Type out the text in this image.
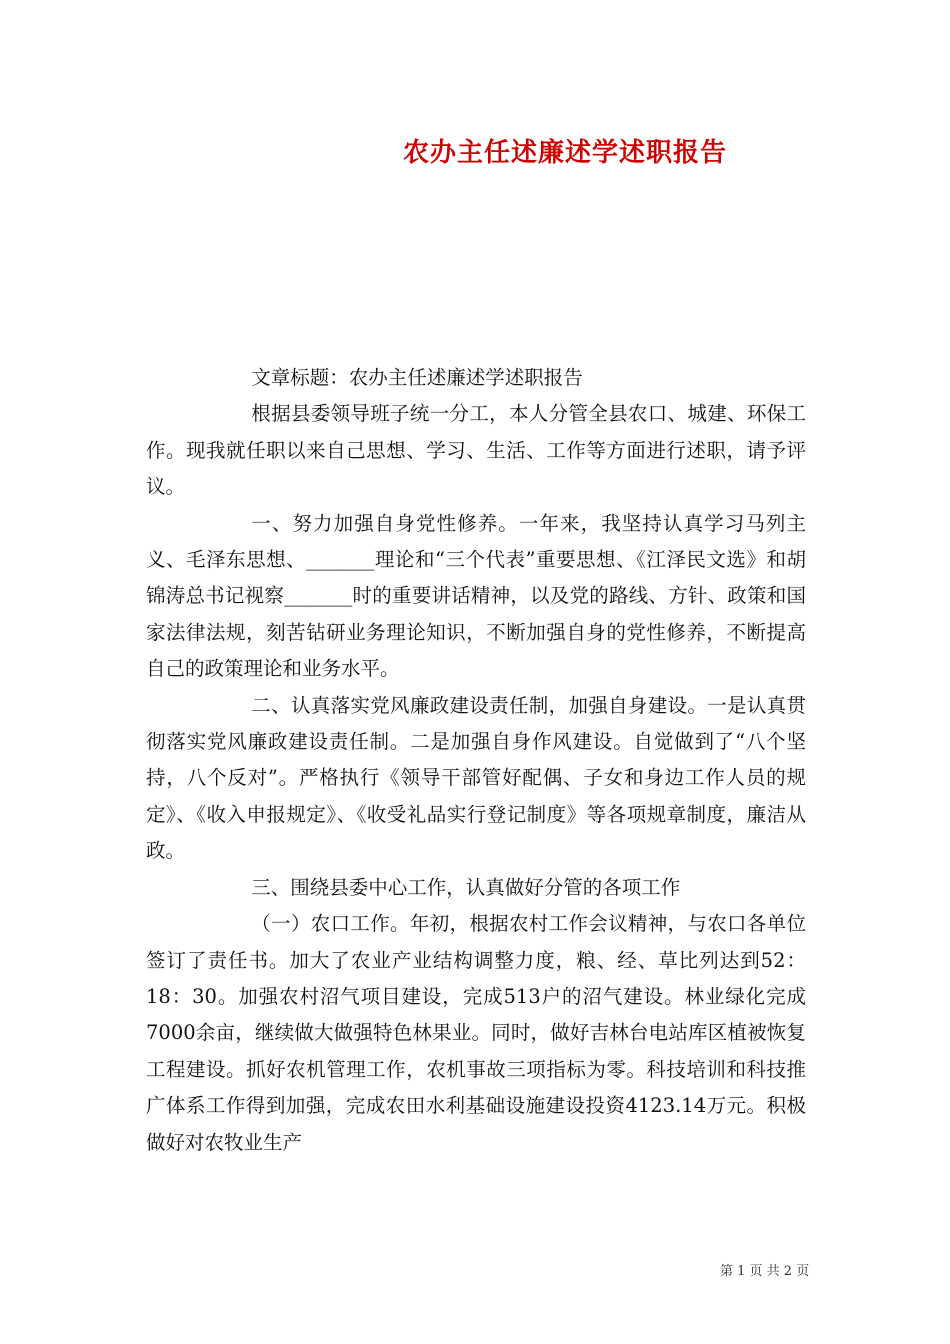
农办主任述廉述学述职报告

文章标题：农办主任述廉述学述职报告

根据县委领导班子统一分工，本人分管全县农口、城建、环保工作。现我就任职以来自己思想、学习、生活、工作等方面进行述职，请予评议。

一、努力加强自身党性修养。一年来，我坚持认真学习马列主义、毛泽东思想、_______理论和“三个代表”重要思想、《江泽民文选》和胡锦涛总书记视察_______时的重要讲话精神，以及党的路线、方针、政策和国家法律法规，刻苦钻研业务理论知识，不断加强自身的党性修养，不断提高自己的政策理论和业务水平。

二、认真落实党风廉政建设责任制，加强自身建设。一是认真贯彻落实党风廉政建设责任制。二是加强自身作风建设。自觉做到了“八个坚持，八个反对”。严格执行《领导干部管好配偶、子女和身边工作人员的规定》、《收入申报规定》、《收受礼品实行登记制度》等各项规章制度，廉洁从政。

三、围绕县委中心工作，认真做好分管的各项工作

（一）农口工作。年初，根据农村工作会议精神，与农口各单位签订了责任书。加大了农业产业结构调整力度，粮、经、草比列达到52：18：30。加强农村沼气项目建设，完成513户的沼气建设。林业绿化完成7000余亩，继续做大做强特色林果业。同时，做好吉林台电站库区植被恢复工程建设。抓好农机管理工作，农机事故三项指标为零。科技培训和科技推广体系工作得到加强，完成农田水利基础设施建设投资4123.14万元。积极做好对农牧业生产

第 1 页 共 2 页
